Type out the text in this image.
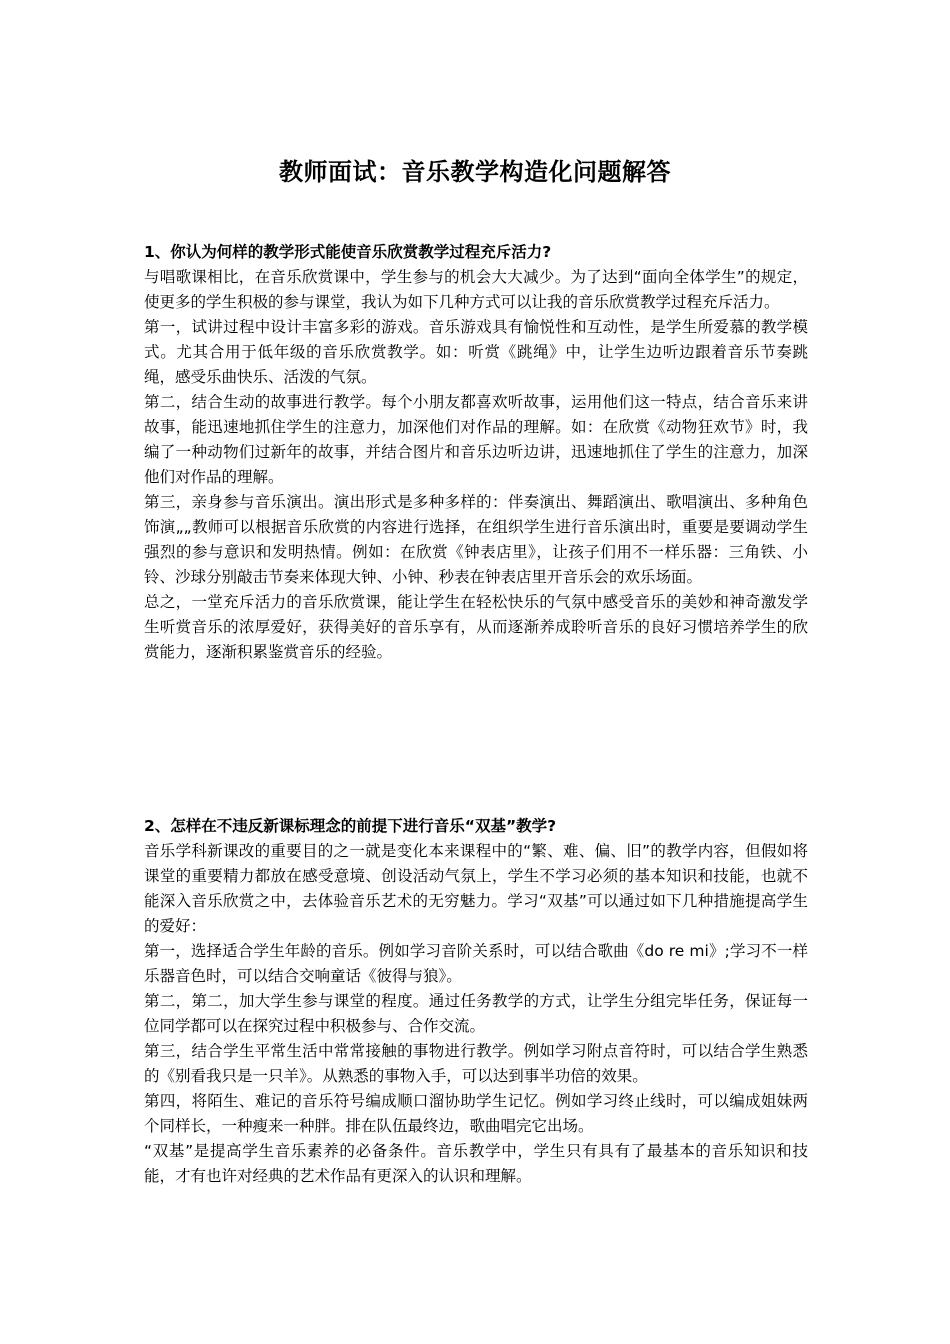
教师面试：音乐教学构造化问题解答

1、你认为何样的教学形式能使音乐欣赏教学过程充斥活力?

与唱歌课相比，在音乐欣赏课中，学生参与的机会大大减少。为了达到“面向全体学生”的规定，使更多的学生积极的参与课堂，我认为如下几种方式可以让我的音乐欣赏教学过程充斥活力。

第一，试讲过程中设计丰富多彩的游戏。音乐游戏具有愉悦性和互动性，是学生所爱慕的教学模式。尤其合用于低年级的音乐欣赏教学。如：听赏《跳绳》中，让学生边听边跟着音乐节奏跳绳，感受乐曲快乐、活泼的气氛。

第二，结合生动的故事进行教学。每个小朋友都喜欢听故事，运用他们这一特点，结合音乐来讲故事，能迅速地抓住学生的注意力，加深他们对作品的理解。如：在欣赏《动物狂欢节》时，我编了一种动物们过新年的故事，并结合图片和音乐边听边讲，迅速地抓住了学生的注意力，加深他们对作品的理解。

第三，亲身参与音乐演出。演出形式是多种多样的：伴奏演出、舞蹈演出、歌唱演出、多种角色饰演„„教师可以根据音乐欣赏的内容进行选择，在组织学生进行音乐演出时，重要是要调动学生强烈的参与意识和发明热情。例如：在欣赏《钟表店里》，让孩子们用不一样乐器：三角铁、小铃、沙球分别敲击节奏来体现大钟、小钟、秒表在钟表店里开音乐会的欢乐场面。

总之，一堂充斥活力的音乐欣赏课，能让学生在轻松快乐的气氛中感受音乐的美妙和神奇激发学生听赏音乐的浓厚爱好，获得美好的音乐享有，从而逐渐养成聆听音乐的良好习惯培养学生的欣赏能力，逐渐积累鉴赏音乐的经验。

2、怎样在不违反新课标理念的前提下进行音乐“双基”教学?

音乐学科新课改的重要目的之一就是变化本来课程中的“繁、难、偏、旧”的教学内容，但假如将课堂的重要精力都放在感受意境、创设活动气氛上，学生不学习必须的基本知识和技能，也就不能深入音乐欣赏之中，去体验音乐艺术的无穷魅力。学习“双基”可以通过如下几种措施提高学生的爱好：

第一，选择适合学生年龄的音乐。例如学习音阶关系时，可以结合歌曲《do re mi》;学习不一样乐器音色时，可以结合交响童话《彼得与狼》。

第二，第二，加大学生参与课堂的程度。通过任务教学的方式，让学生分组完毕任务，保证每一位同学都可以在探究过程中积极参与、合作交流。

第三，结合学生平常生活中常常接触的事物进行教学。例如学习附点音符时，可以结合学生熟悉的《别看我只是一只羊》。从熟悉的事物入手，可以达到事半功倍的效果。

第四，将陌生、难记的音乐符号编成顺口溜协助学生记忆。例如学习终止线时，可以编成姐妹两个同样长，一种瘦来一种胖。排在队伍最终边，歌曲唱完它出场。

“双基”是提高学生音乐素养的必备条件。音乐教学中，学生只有具有了最基本的音乐知识和技能，才有也许对经典的艺术作品有更深入的认识和理解。
